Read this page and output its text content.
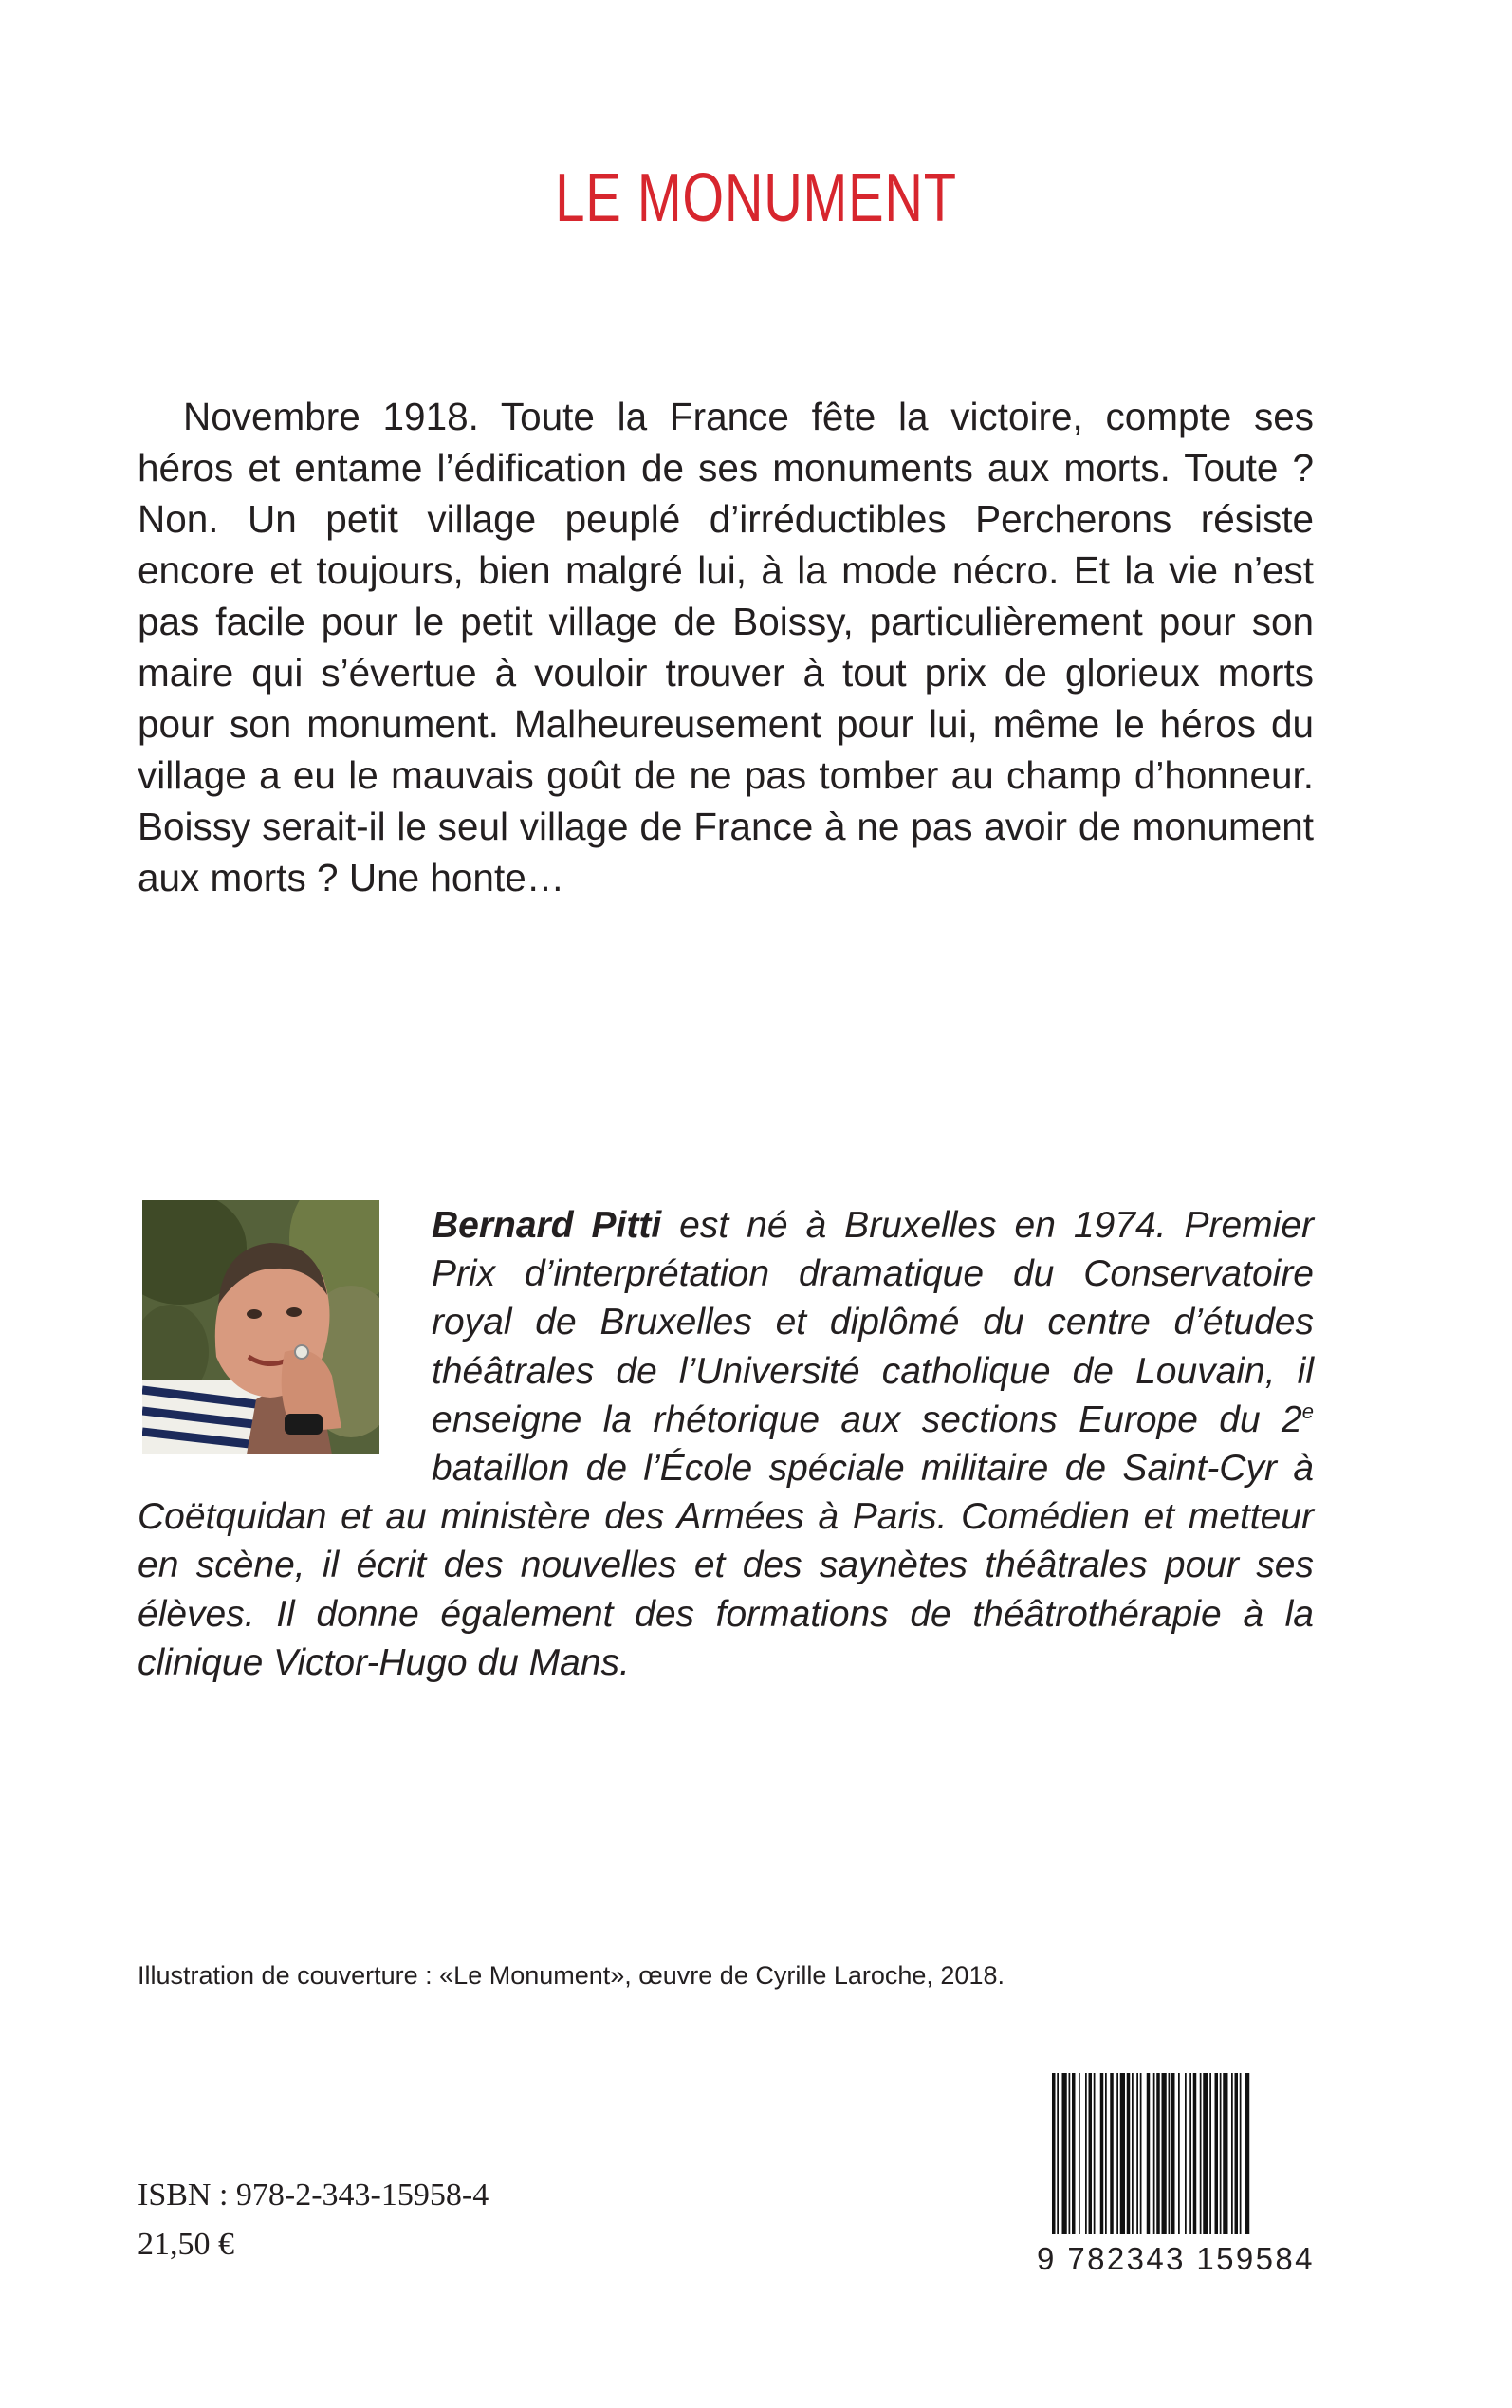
LE MONUMENT

Novembre 1918. Toute la France fête la victoire, compte ses héros et entame l’édification de ses monuments aux morts. Toute ? Non. Un petit village peuplé d’irréductibles Percherons résiste encore et toujours, bien malgré lui, à la mode nécro. Et la vie n’est pas facile pour le petit village de Boissy, particulièrement pour son maire qui s’évertue à vouloir trouver à tout prix de glorieux morts pour son monument. Malheureusement pour lui, même le héros du village a eu le mauvais goût de ne pas tomber au champ d’honneur. Boissy serait-il le seul village de France à ne pas avoir de monument aux morts ? Une honte…

Bernard Pitti est né à Bruxelles en 1974. Premier Prix d’interprétation dramatique du Conservatoire royal de Bruxelles et diplômé du centre d’études théâtrales de l’Université catholique de Louvain, il enseigne la rhétorique aux sections Europe du 2e bataillon de l’École spéciale militaire de Saint-Cyr à Coëtquidan et au ministère des Armées à Paris. Comédien et metteur en scène, il écrit des nouvelles et des saynètes théâtrales pour ses élèves. Il donne également des formations de théâtrothérapie à la clinique Victor-Hugo du Mans.

Illustration de couverture : «Le Monument», œuvre de Cyrille Laroche, 2018.
ISBN : 978-2-343-15958-4
21,50 €	9 782343 159584
